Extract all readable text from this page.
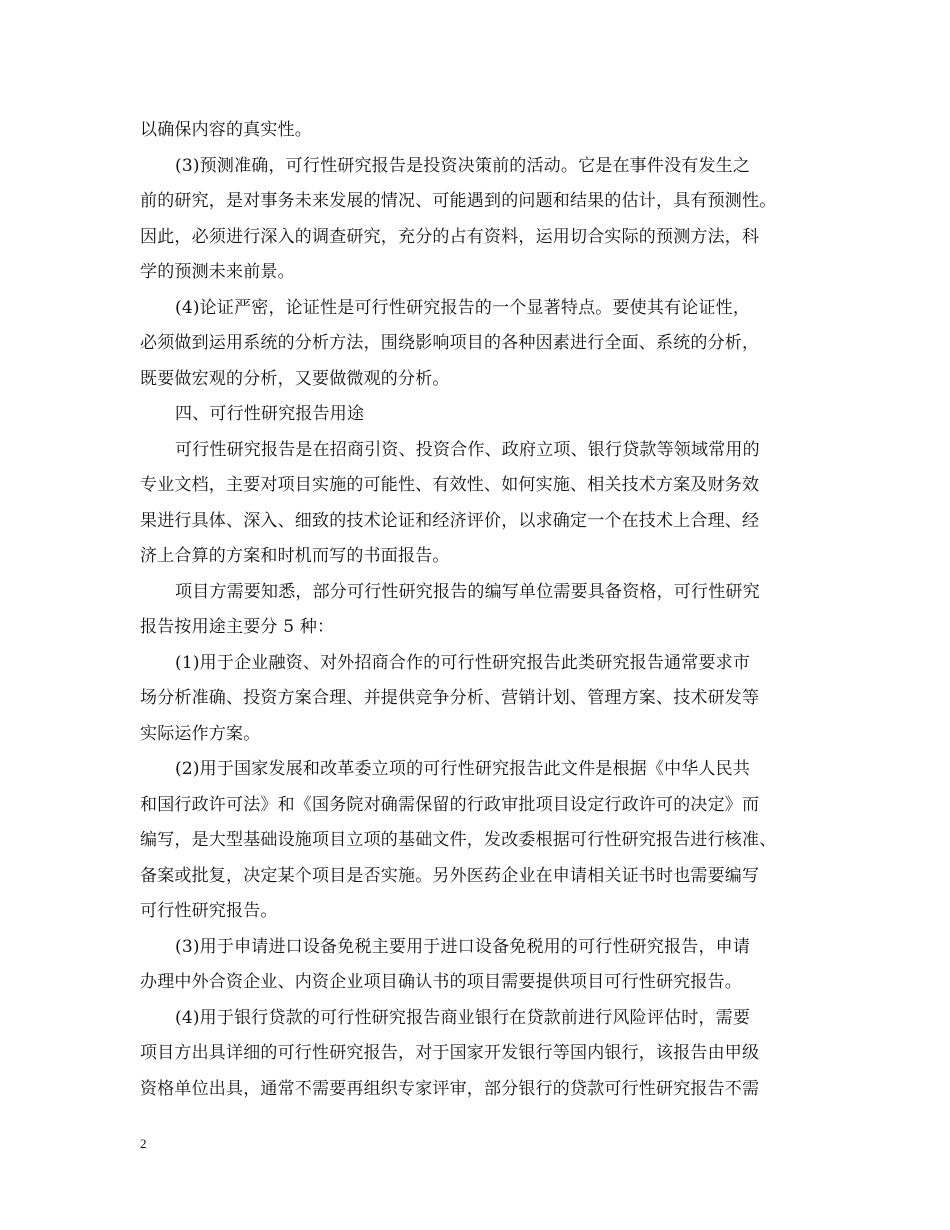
以确保内容的真实性。
(3)预测准确，可行性研究报告是投资决策前的活动。它是在事件没有发生之
前的研究，是对事务未来发展的情况、可能遇到的问题和结果的估计，具有预测性。
因此，必须进行深入的调查研究，充分的占有资料，运用切合实际的预测方法，科
学的预测未来前景。
(4)论证严密，论证性是可行性研究报告的一个显著特点。要使其有论证性，
必须做到运用系统的分析方法，围绕影响项目的各种因素进行全面、系统的分析，
既要做宏观的分析，又要做微观的分析。
四、可行性研究报告用途
可行性研究报告是在招商引资、投资合作、政府立项、银行贷款等领域常用的
专业文档，主要对项目实施的可能性、有效性、如何实施、相关技术方案及财务效
果进行具体、深入、细致的技术论证和经济评价，以求确定一个在技术上合理、经
济上合算的方案和时机而写的书面报告。
项目方需要知悉，部分可行性研究报告的编写单位需要具备资格，可行性研究
报告按用途主要分 5 种：
(1)用于企业融资、对外招商合作的可行性研究报告此类研究报告通常要求市
场分析准确、投资方案合理、并提供竞争分析、营销计划、管理方案、技术研发等
实际运作方案。
(2)用于国家发展和改革委立项的可行性研究报告此文件是根据《中华人民共
和国行政许可法》和《国务院对确需保留的行政审批项目设定行政许可的决定》而
编写，是大型基础设施项目立项的基础文件，发改委根据可行性研究报告进行核准、
备案或批复，决定某个项目是否实施。另外医药企业在申请相关证书时也需要编写
可行性研究报告。
(3)用于申请进口设备免税主要用于进口设备免税用的可行性研究报告，申请
办理中外合资企业、内资企业项目确认书的项目需要提供项目可行性研究报告。
(4)用于银行贷款的可行性研究报告商业银行在贷款前进行风险评估时，需要
项目方出具详细的可行性研究报告，对于国家开发银行等国内银行，该报告由甲级
资格单位出具，通常不需要再组织专家评审，部分银行的贷款可行性研究报告不需
2
